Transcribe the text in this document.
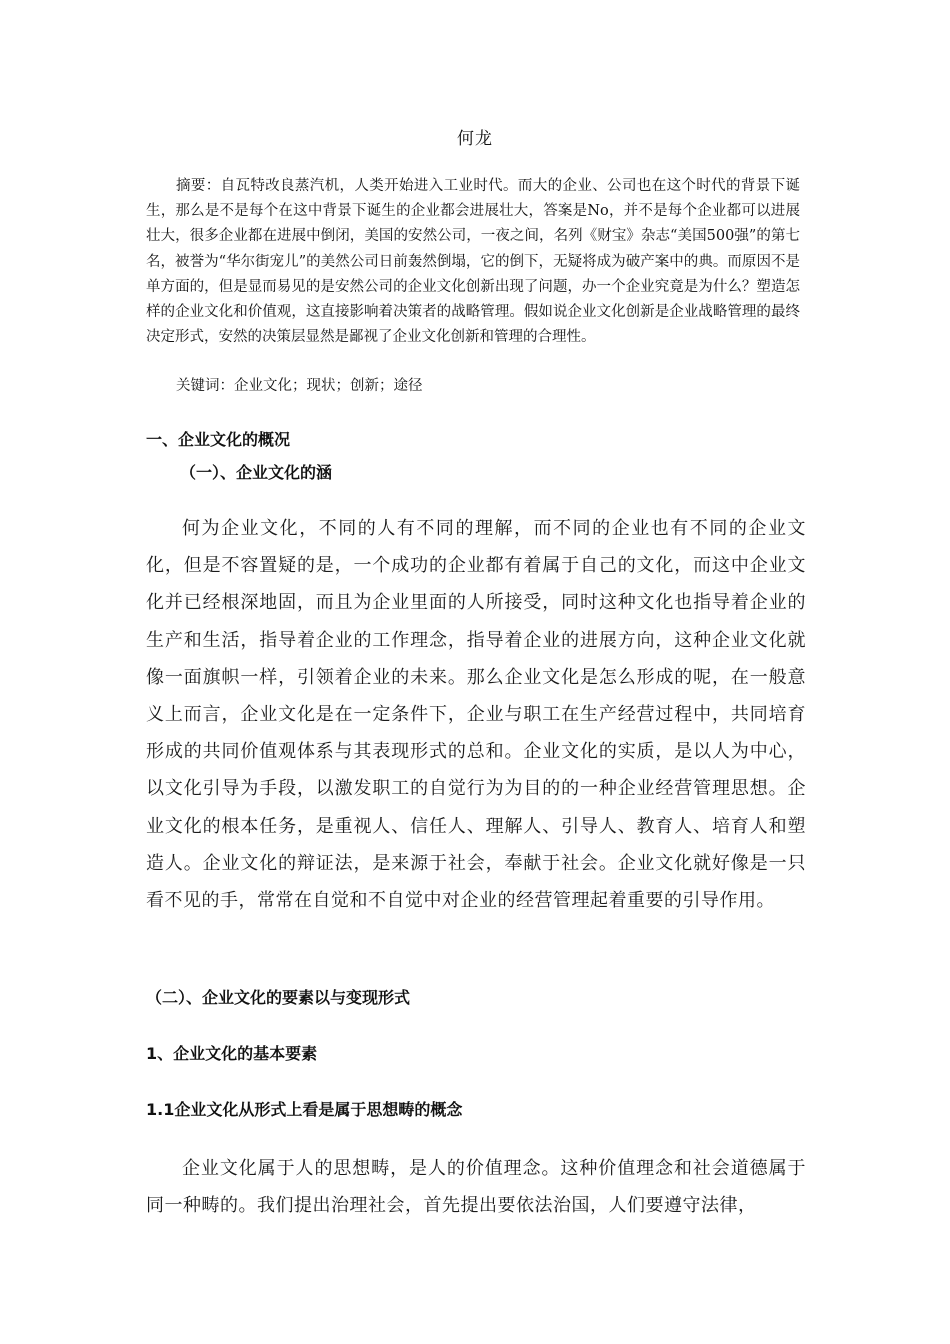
何龙

摘要：自瓦特改良蒸汽机，人类开始进入工业时代。而大的企业、公司也在这个时代的背景下诞生，那么是不是每个在这中背景下诞生的企业都会进展壮大，答案是No，并不是每个企业都可以进展壮大，很多企业都在进展中倒闭，美国的安然公司，一夜之间，名列《财宝》杂志“美国500强”的第七名，被誉为“华尔街宠儿”的美然公司日前轰然倒塌，它的倒下，无疑将成为破产案中的典。而原因不是单方面的，但是显而易见的是安然公司的企业文化创新出现了问题，办一个企业究竟是为什么？塑造怎样的企业文化和价值观，这直接影响着决策者的战略管理。假如说企业文化创新是企业战略管理的最终决定形式，安然的决策层显然是鄙视了企业文化创新和管理的合理性。

关键词：企业文化；现状；创新；途径
一、企业文化的概况
（一）、企业文化的涵

何为企业文化，不同的人有不同的理解，而不同的企业也有不同的企业文化，但是不容置疑的是，一个成功的企业都有着属于自己的文化，而这中企业文化并已经根深地固，而且为企业里面的人所接受，同时这种文化也指导着企业的生产和生活，指导着企业的工作理念，指导着企业的进展方向，这种企业文化就像一面旗帜一样，引领着企业的未来。那么企业文化是怎么形成的呢，在一般意义上而言，企业文化是在一定条件下，企业与职工在生产经营过程中，共同培育形成的共同价值观体系与其表现形式的总和。企业文化的实质，是以人为中心，以文化引导为手段，以激发职工的自觉行为为目的的一种企业经营管理思想。企业文化的根本任务，是重视人、信任人、理解人、引导人、教育人、培育人和塑造人。企业文化的辩证法，是来源于社会，奉献于社会。企业文化就好像是一只看不见的手，常常在自觉和不自觉中对企业的经营管理起着重要的引导作用。

（二）、企业文化的要素以与变现形式
1、企业文化的基本要素
1.1企业文化从形式上看是属于思想畴的概念

企业文化属于人的思想畴，是人的价值理念。这种价值理念和社会道德属于同一种畴的。我们提出治理社会，首先提出要依法治国，人们要遵守法律，
